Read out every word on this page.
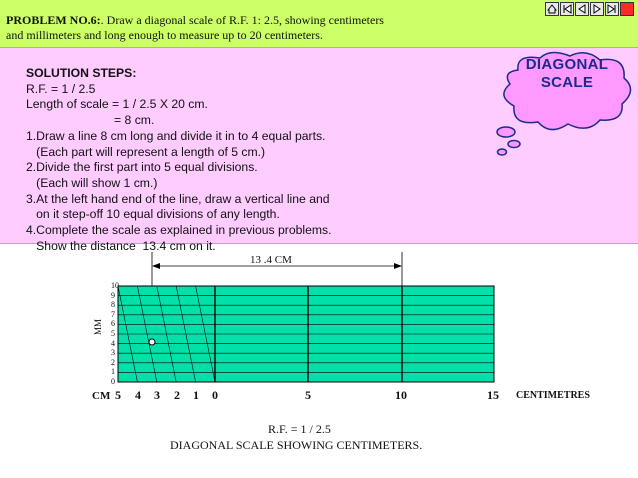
PROBLEM NO.6:. Draw a diagonal scale of R.F. 1: 2.5, showing centimeters
and millimeters and long enough to measure up to 20 centimeters.
SOLUTION STEPS:
R.F. = 1 / 2.5
Length of scale = 1 / 2.5 X 20 cm.
= 8 cm.
1.Draw a line 8 cm long and divide it in to 4 equal parts.
(Each part will represent a length of 5 cm.)
2.Divide the first part into 5 equal divisions.
(Each will show 1 cm.)
3.At the left hand end of the line, draw a vertical line and
on it step-off 10 equal divisions of any length.
4.Complete the scale as explained in previous problems.
Show the distance  13.4 cm on it.
DIAGONAL
SCALE
13 .4 CM
MM
10
9
8
7
6
5
4
3
2
1
0
CM 5 4 3 2 1 0	5	10	15 CENTIMETRES
R.F. = 1 / 2.5
DIAGONAL SCALE SHOWING CENTIMETERS.
